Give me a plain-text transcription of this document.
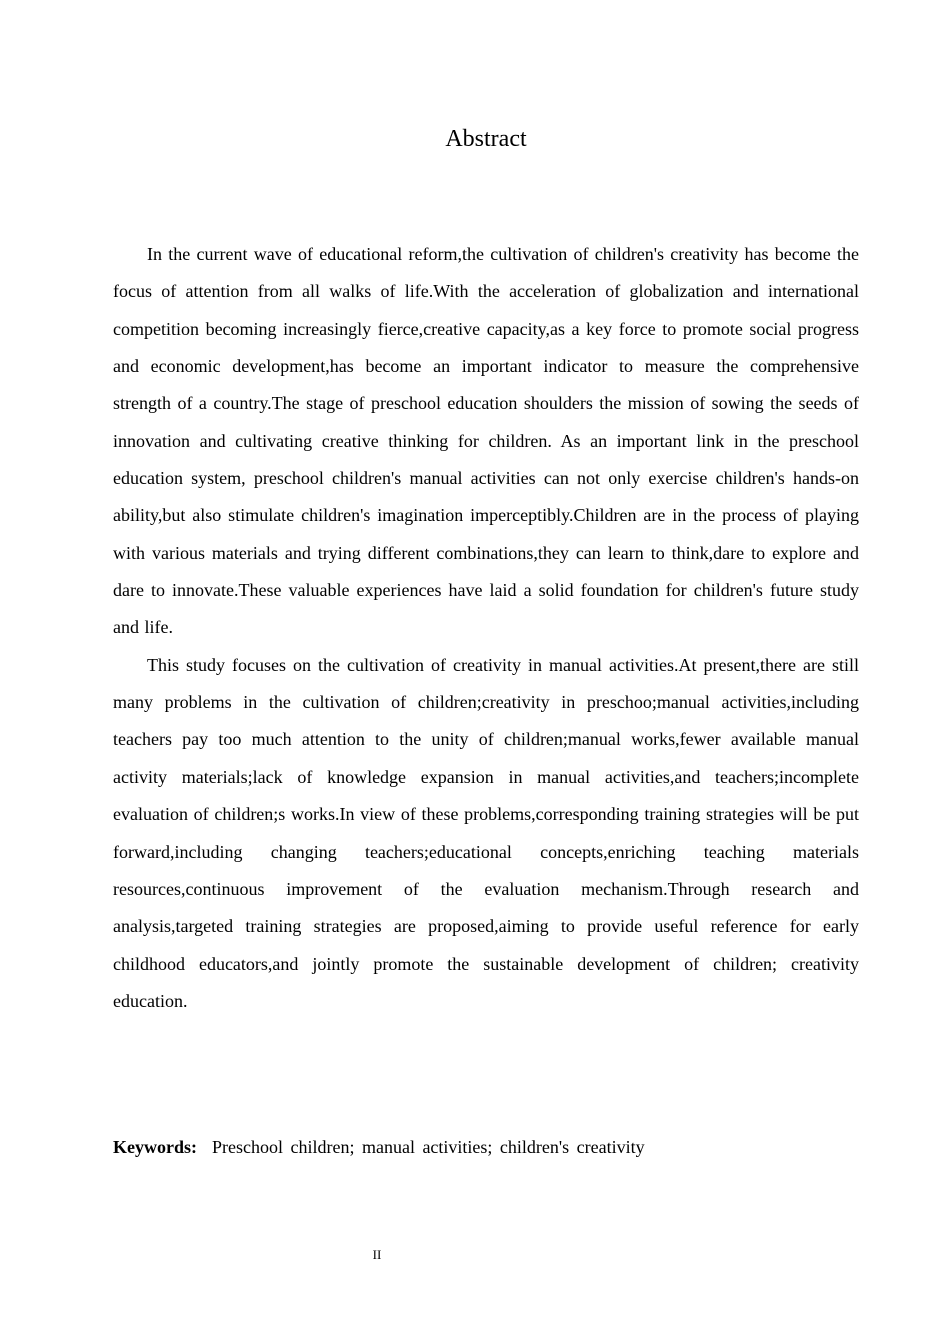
Abstract

In the current wave of educational reform,the cultivation of children's creativity has become the focus of attention from all walks of life.With the acceleration of globalization and international competition becoming increasingly fierce,creative capacity,as a key force to promote social progress and economic development,has become an important indicator to measure the comprehensive strength of a country.The stage of preschool education shoulders the mission of sowing the seeds of innovation and cultivating creative thinking for children. As an important link in the preschool education system, preschool children's manual activities can not only exercise children's hands-on ability,but also stimulate children's imagination imperceptibly.Children are in the process of playing with various materials and trying different combinations,they can learn to think,dare to explore and dare to innovate.These valuable experiences have laid a solid foundation for children's future study and life.

This study focuses on the cultivation of creativity in manual activities.At present,there are still many problems in the cultivation of children;creativity in preschoo;manual activities,including teachers pay too much attention to the unity of children;manual works,fewer available manual activity materials;lack of knowledge expansion in manual activities,and teachers;incomplete evaluation of children;s works.In view of these problems,corresponding training strategies will be put forward,including changing teachers;educational concepts,enriching teaching materials resources,continuous improvement of the evaluation mechanism.Through research and analysis,targeted training strategies are proposed,aiming to provide useful reference for early childhood educators,and jointly promote the sustainable development of children; creativity education.

Keywords: Preschool children; manual activities; children's creativity

II
